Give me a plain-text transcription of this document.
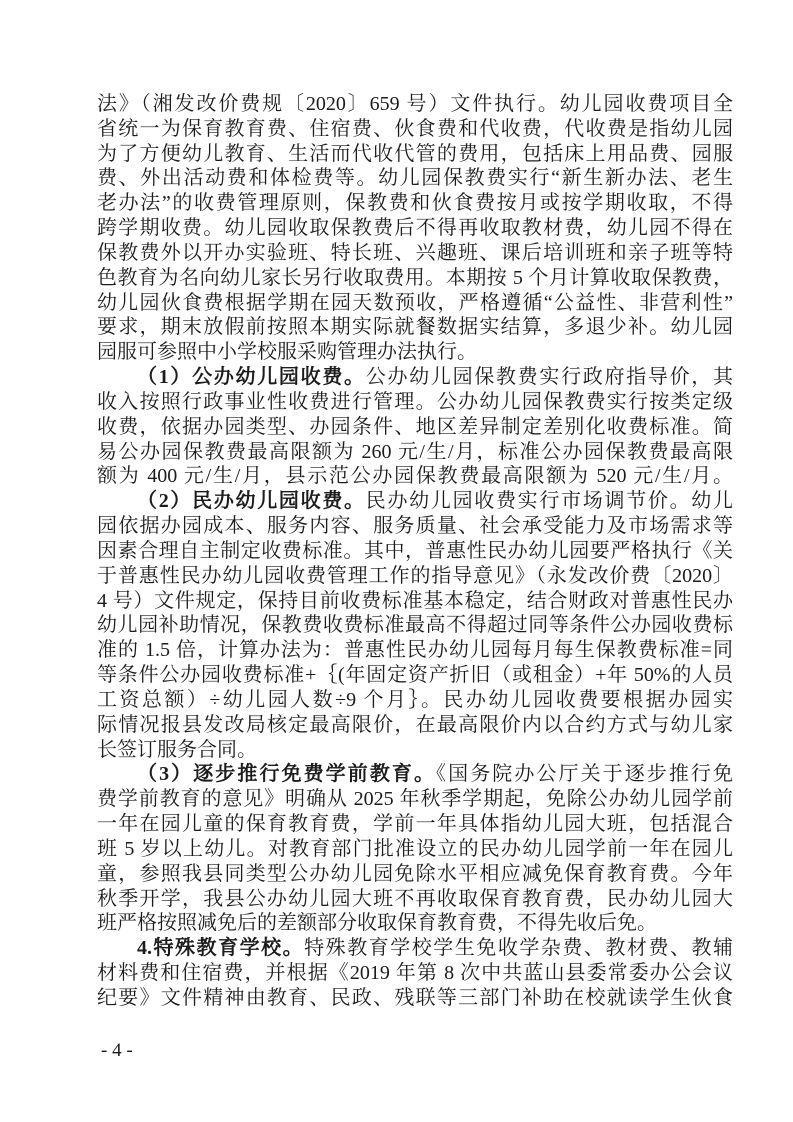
法》（湘发改价费规〔2020〕659 号）文件执行。幼儿园收费项目全
省统一为保育教育费、住宿费、伙食费和代收费，代收费是指幼儿园
为了方便幼儿教育、生活而代收代管的费用，包括床上用品费、园服
费、外出活动费和体检费等。幼儿园保教费实行“新生新办法、老生
老办法”的收费管理原则，保教费和伙食费按月或按学期收取，不得
跨学期收费。幼儿园收取保教费后不得再收取教材费，幼儿园不得在
保教费外以开办实验班、特长班、兴趣班、课后培训班和亲子班等特
色教育为名向幼儿家长另行收取费用。本期按 5 个月计算收取保教费，
幼儿园伙食费根据学期在园天数预收，严格遵循“公益性、非营利性”
要求，期末放假前按照本期实际就餐数据实结算，多退少补。幼儿园
园服可参照中小学校服采购管理办法执行。
（1）公办幼儿园收费。公办幼儿园保教费实行政府指导价，其
收入按照行政事业性收费进行管理。公办幼儿园保教费实行按类定级
收费，依据办园类型、办园条件、地区差异制定差别化收费标准。简
易公办园保教费最高限额为 260 元/生/月，标准公办园保教费最高限
额为 400 元/生/月，县示范公办园保教费最高限额为 520 元/生/月。
（2）民办幼儿园收费。民办幼儿园收费实行市场调节价。幼儿
园依据办园成本、服务内容、服务质量、社会承受能力及市场需求等
因素合理自主制定收费标准。其中，普惠性民办幼儿园要严格执行《关
于普惠性民办幼儿园收费管理工作的指导意见》（永发改价费〔2020〕
4 号）文件规定，保持目前收费标准基本稳定，结合财政对普惠性民办
幼儿园补助情况，保教费收费标准最高不得超过同等条件公办园收费标
准的 1.5 倍，计算办法为：普惠性民办幼儿园每月每生保教费标准=同
等条件公办园收费标准+｛(年固定资产折旧（或租金）+年 50%的人员
工资总额）÷幼儿园人数÷9 个月｝。民办幼儿园收费要根据办园实
际情况报县发改局核定最高限价，在最高限价内以合约方式与幼儿家
长签订服务合同。
（3）逐步推行免费学前教育。《国务院办公厅关于逐步推行免
费学前教育的意见》明确从 2025 年秋季学期起，免除公办幼儿园学前
一年在园儿童的保育教育费，学前一年具体指幼儿园大班，包括混合
班 5 岁以上幼儿。对教育部门批准设立的民办幼儿园学前一年在园儿
童，参照我县同类型公办幼儿园免除水平相应减免保育教育费。今年
秋季开学，我县公办幼儿园大班不再收取保育教育费，民办幼儿园大
班严格按照减免后的差额部分收取保育教育费，不得先收后免。
4.特殊教育学校。特殊教育学校学生免收学杂费、教材费、教辅
材料费和住宿费，并根据《2019 年第 8 次中共蓝山县委常委办公会议
纪要》文件精神由教育、民政、残联等三部门补助在校就读学生伙食
- 4 -
